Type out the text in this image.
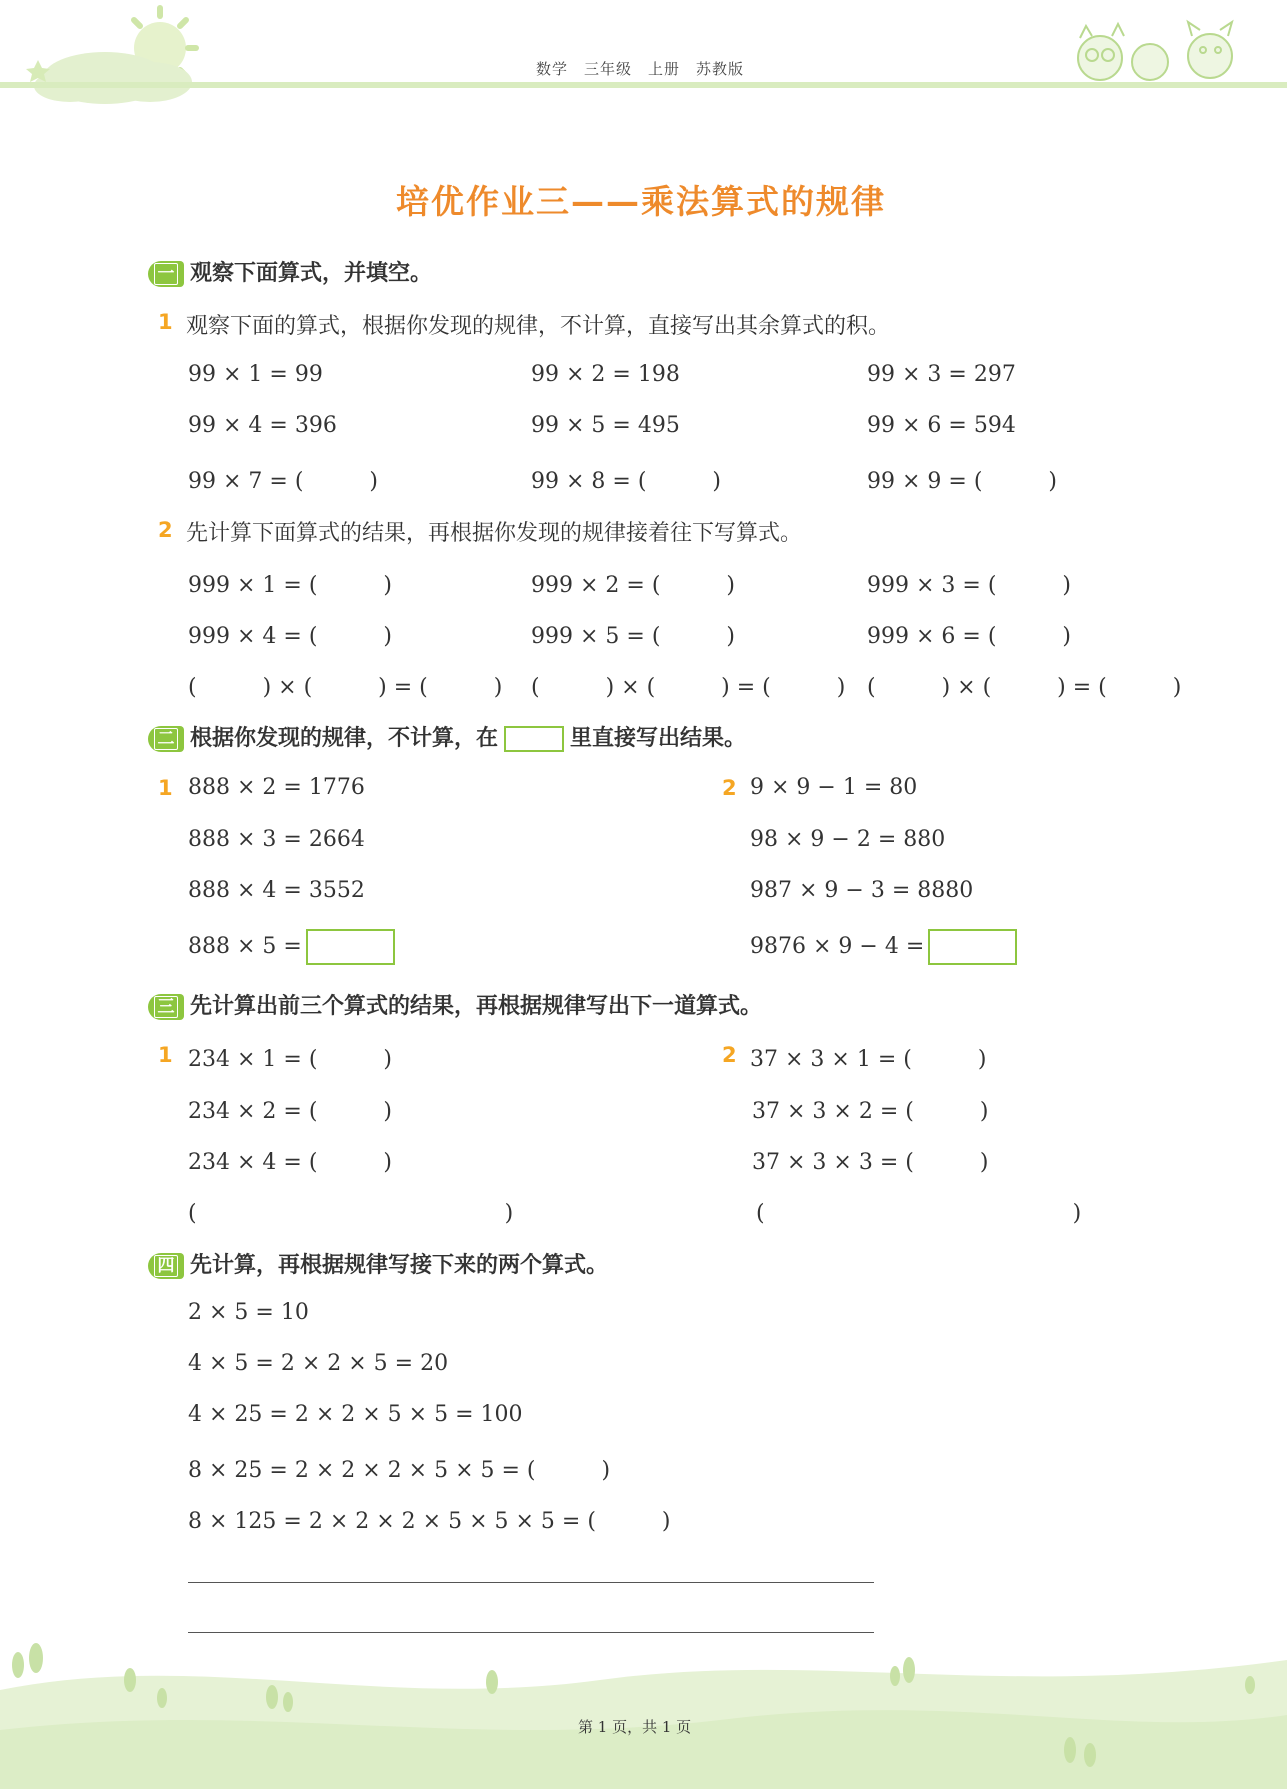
数学　三年级　上册　苏教版
培优作业三——乘法算式的规律
一 观察下面算式，并填空。
1 观察下面的算式，根据你发现的规律，不计算，直接写出其余算式的积。
99 × 1 = 99	99 × 2 = 198	99 × 3 = 297
99 × 4 = 396	99 × 5 = 495	99 × 6 = 594
99 × 7 = (　　　)	99 × 8 = (　　　)	99 × 9 = (　　　)
2 先计算下面算式的结果，再根据你发现的规律接着往下写算式。
999 × 1 = (　　　)	999 × 2 = (　　　)	999 × 3 = (　　　)
999 × 4 = (　　　)	999 × 5 = (　　　)	999 × 6 = (　　　)
(　　　) × (　　　) = (　　　) (　　　) × (　　　) = (　　　) (　　　) × (　　　) = (　　　)
二 根据你发现的规律，不计算，在	里直接写出结果。
1 888 × 2 = 1776
888 × 3 = 2664
888 × 4 = 3552
888 × 5 =
2 9 × 9 − 1 = 80
98 × 9 − 2 = 880
987 × 9 − 3 = 8880
9876 × 9 − 4 =
三 先计算出前三个算式的结果，再根据规律写出下一道算式。
1 234 × 1 = (　　　)
234 × 2 = (　　　)
234 × 4 = (　　　)
(　　　　　　　　　　　　　　)
2 37 × 3 × 1 = (　　　)
37 × 3 × 2 = (　　　)
37 × 3 × 3 = (　　　)
(　　　　　　　　　　　　　　)
四 先计算，再根据规律写接下来的两个算式。
2 × 5 = 10
4 × 5 = 2 × 2 × 5 = 20
4 × 25 = 2 × 2 × 5 × 5 = 100
8 × 25 = 2 × 2 × 2 × 5 × 5 = (　　　)
8 × 125 = 2 × 2 × 2 × 5 × 5 × 5 = (　　　)
第 1 页，共 1 页
